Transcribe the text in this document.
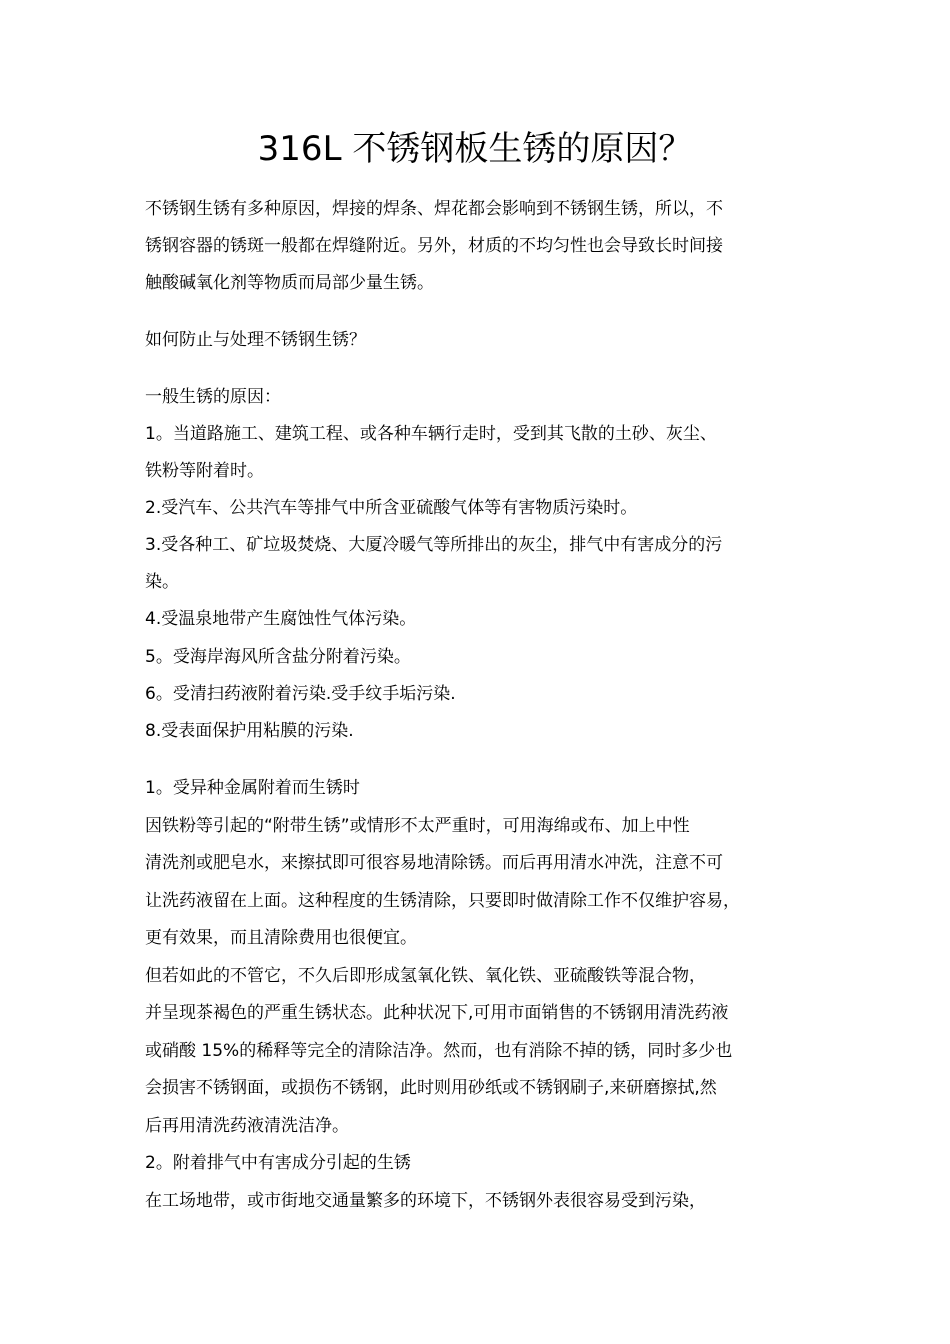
316L 不锈钢板生锈的原因？

不锈钢生锈有多种原因，焊接的焊条、焊花都会影响到不锈钢生锈，所以，不

锈钢容器的锈斑一般都在焊缝附近。另外，材质的不均匀性也会导致长时间接

触酸碱氧化剂等物质而局部少量生锈。

如何防止与处理不锈钢生锈？

一般生锈的原因：

1。当道路施工、建筑工程、或各种车辆行走时，受到其飞散的土砂、灰尘、

铁粉等附着时。

2.受汽车、公共汽车等排气中所含亚硫酸气体等有害物质污染时。

3.受各种工、矿垃圾焚烧、大厦冷暖气等所排出的灰尘，排气中有害成分的污

染。

4.受温泉地带产生腐蚀性气体污染。

5。受海岸海风所含盐分附着污染。

6。受清扫药液附着污染.受手纹手垢污染.

8.受表面保护用粘膜的污染.

1。受异种金属附着而生锈时

因铁粉等引起的“附带生锈”或情形不太严重时，可用海绵或布、加上中性

清洗剂或肥皂水，来擦拭即可很容易地清除锈。而后再用清水冲洗，注意不可

让洗药液留在上面。这种程度的生锈清除，只要即时做清除工作不仅维护容易，

更有效果，而且清除费用也很便宜。

但若如此的不管它，不久后即形成氢氧化铁、氧化铁、亚硫酸铁等混合物，

并呈现茶褐色的严重生锈状态。此种状况下,可用市面销售的不锈钢用清洗药液

或硝酸 15%的稀释等完全的清除洁净。然而，也有消除不掉的锈，同时多少也

会损害不锈钢面，或损伤不锈钢，此时则用砂纸或不锈钢刷子,来研磨擦拭,然

后再用清洗药液清洗洁净。

2。附着排气中有害成分引起的生锈

在工场地带，或市街地交通量繁多的环境下，不锈钢外表很容易受到污染，
